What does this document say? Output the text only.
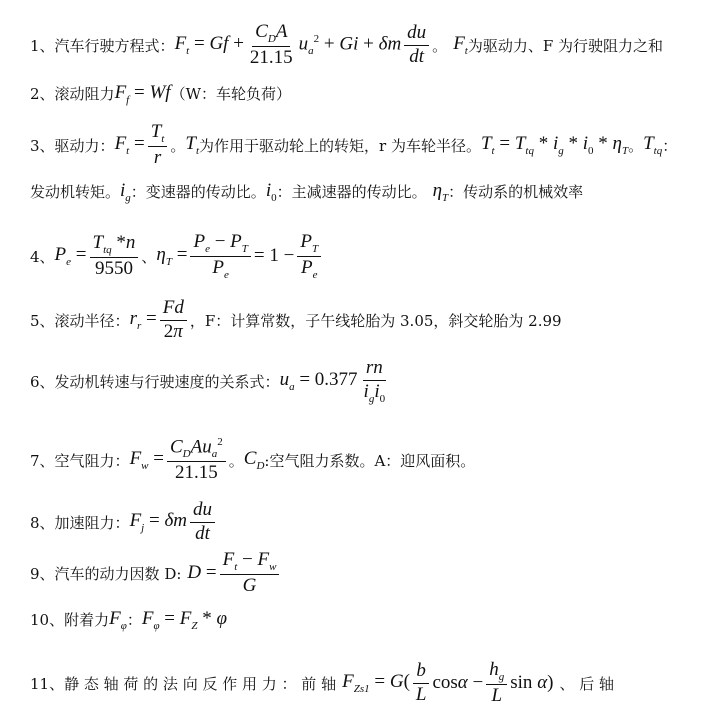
1、 汽车行驶方程式： $F_t = Gf + \frac{C_DA}{21.15} u_a^2 + Gi + \delta m \frac{du}{dt}$ 。 $F_t$ 为驱动力、F 为行驶阻力之和
2、 滚动阻力 $F_f = Wf$ （W：车轮负荷）
3、 驱动力： $F_t = \frac{T_t}{r}$ 。 $T_t$ 为作用于驱动轮上的转矩，r 为车轮半径。 $T_t = T_{tq} * i_g * i_0 * \eta_T$ 。 $T_{tq}$ ：
发动机转矩。 $i_g$ ：变速器的传动比。 $i_0$ ：主减速器的传动比。 $\eta_T$ ：传动系的机械效率
4、 $P_e = \frac{T_{tq} *n}{9550}$ 、 $\eta_T = \frac{P_e - P_T}{P_e} = 1 - \frac{P_T}{P_e}$
5、 滚动半径： $r_r = \frac{Fd}{2\pi}$ ，F：计算常数，子午线轮胎为 3.05，斜交轮胎为 2.99
6、 发动机转速与行驶速度的关系式： $u_a = 0.377 \frac{rn}{i_gi_0}$
7、 空气阻力： $F_w = \frac{C_DAu_a^2}{21.15}$ 。 $C_D$ :空气阻力系数。A：迎风面积。
8、 加速阻力： $F_j = \delta m \frac{du}{dt}$
9、 汽车的动力因数 D: $D = \frac{F_t - F_w}{G}$
10、 附着力 $F_\varphi$ ： $F_\varphi = F_Z * \varphi$
11、 静 态 轴 荷 的 法 向 反 作 用 力 ： 前 轴 $F_{Zs1} = G( \frac{b}{L}$ $\cos\alpha - \frac{h_g}{L}$ sin α) 、 后 轴
